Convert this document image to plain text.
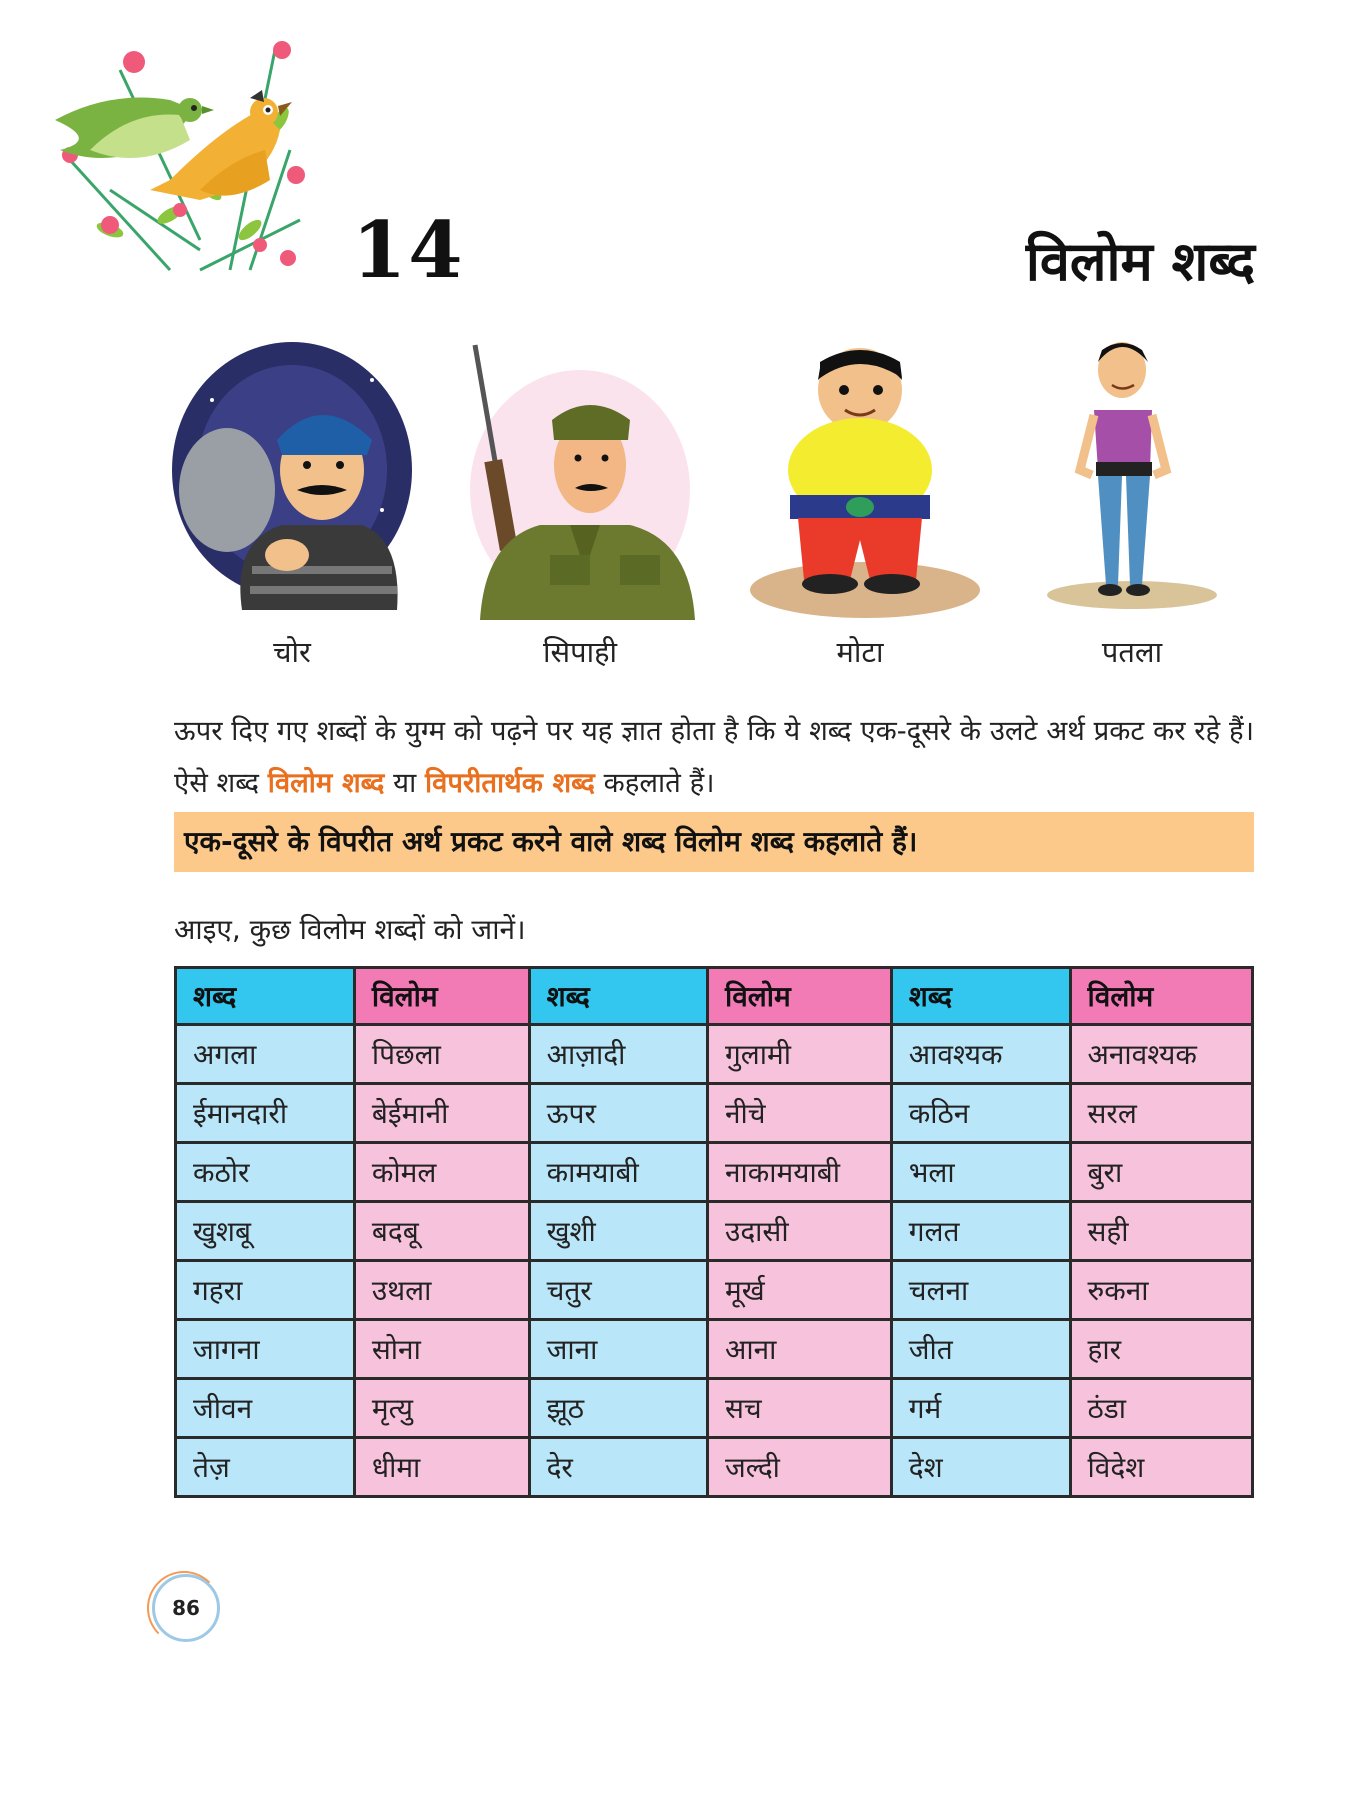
14	विलोम शब्द
चोर	सिपाही	मोटा	पतला
ऊपर दिए गए शब्दों के युग्म को पढ़ने पर यह ज्ञात होता है कि ये शब्द एक-दूसरे के उलटे अर्थ प्रकट कर रहे हैं। ऐसे शब्द विलोम शब्द या विपरीतार्थक शब्द कहलाते हैं।
एक-दूसरे के विपरीत अर्थ प्रकट करने वाले शब्द विलोम शब्द कहलाते हैं।
आइए, कुछ विलोम शब्दों को जानें।
शब्द	विलोम	शब्द	विलोम	शब्द	विलोम
अगला	पिछला	आज़ादी	गुलामी	आवश्यक	अनावश्यक
ईमानदारी	बेईमानी	ऊपर	नीचे	कठिन	सरल
कठोर	कोमल	कामयाबी	नाकामयाबी	भला	बुरा
खुशबू	बदबू	खुशी	उदासी	गलत	सही
गहरा	उथला	चतुर	मूर्ख	चलना	रुकना
जागना	सोना	जाना	आना	जीत	हार
जीवन	मृत्यु	झूठ	सच	गर्म	ठंडा
तेज़	धीमा	देर	जल्दी	देश	विदेश
86
